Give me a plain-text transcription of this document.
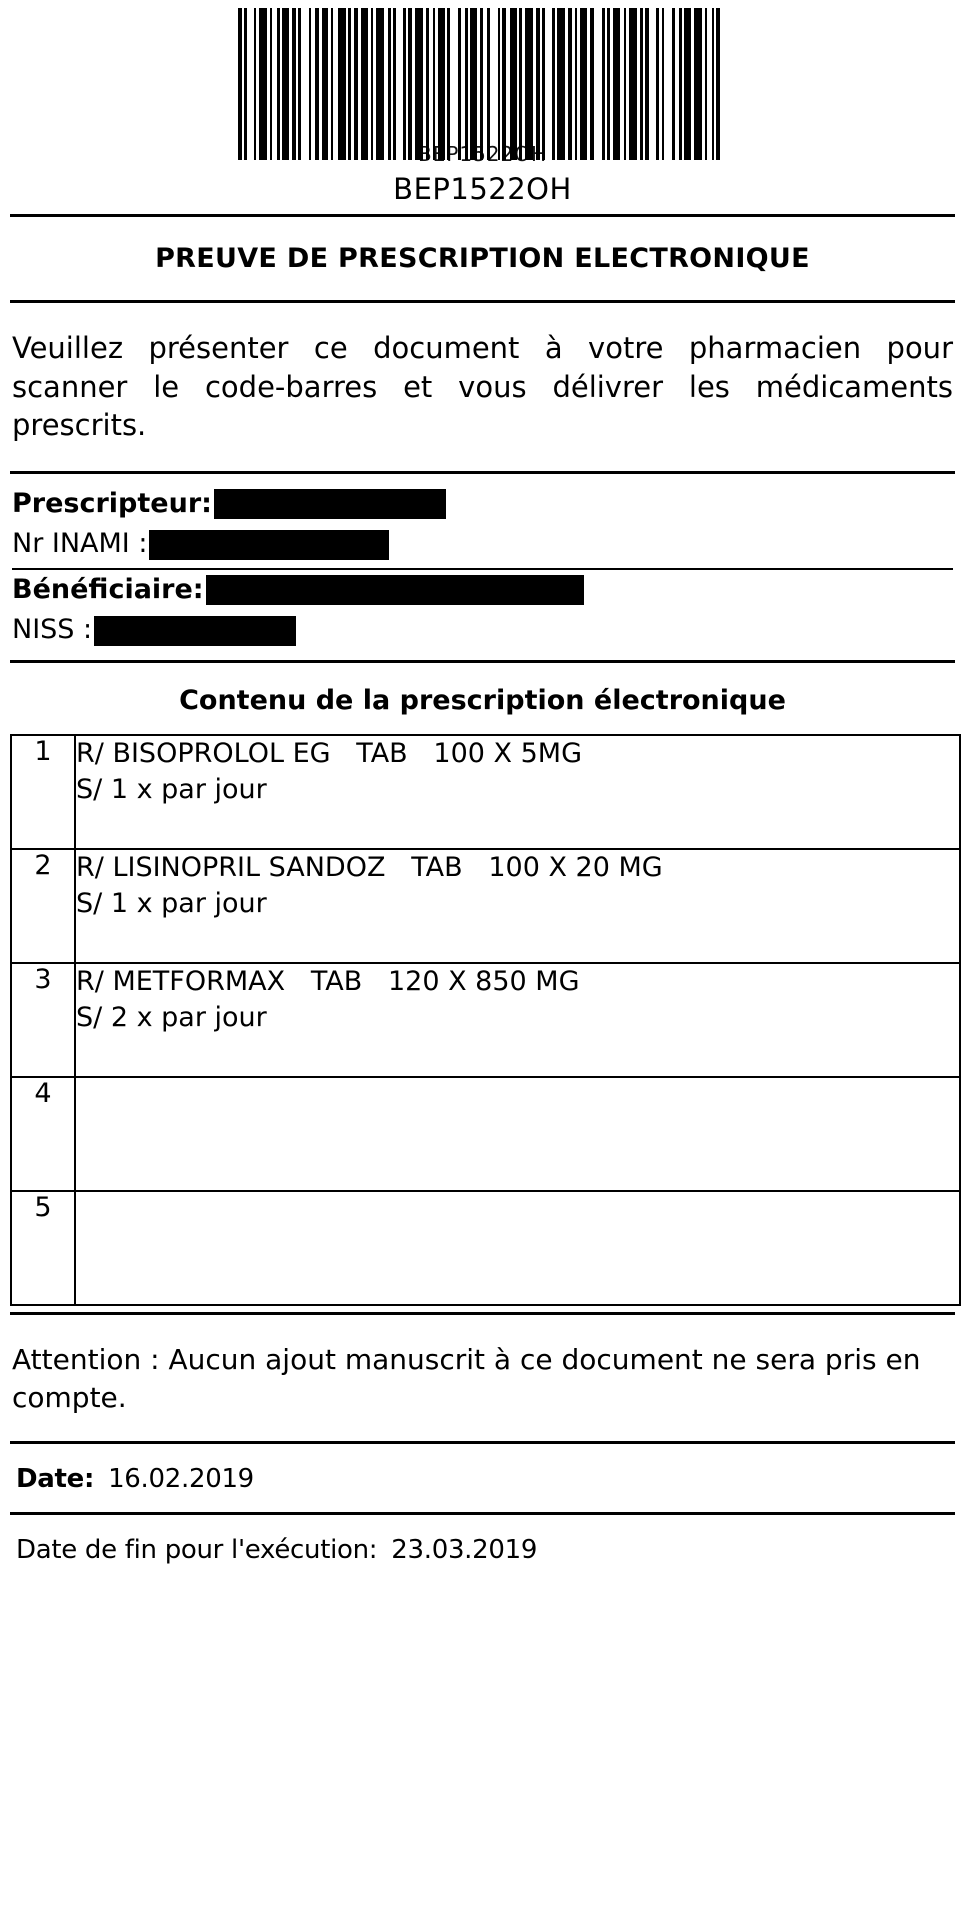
BEP1522OH
BEP1522OH
PREUVE DE PRESCRIPTION ELECTRONIQUE
Veuillez présenter ce document à votre pharmacien pour scanner le code-barres et vous délivrer les médicaments prescrits.
Prescripteur:
Nr INAMI :
Bénéficiaire:
NISS :
Contenu de la prescription électronique
1	R/ BISOPROLOL EG   TAB   100 X 5MG
S/ 1 x par jour

2	R/ LISINOPRIL SANDOZ   TAB   100 X 20 MG
S/ 1 x par jour

3	R/ METFORMAX   TAB   120 X 850 MG
S/ 2 x par jour

4	

5	
Attention : Aucun ajout manuscrit à ce document ne sera pris en compte.
Date: 16.02.2019
Date de fin pour l'exécution: 23.03.2019
